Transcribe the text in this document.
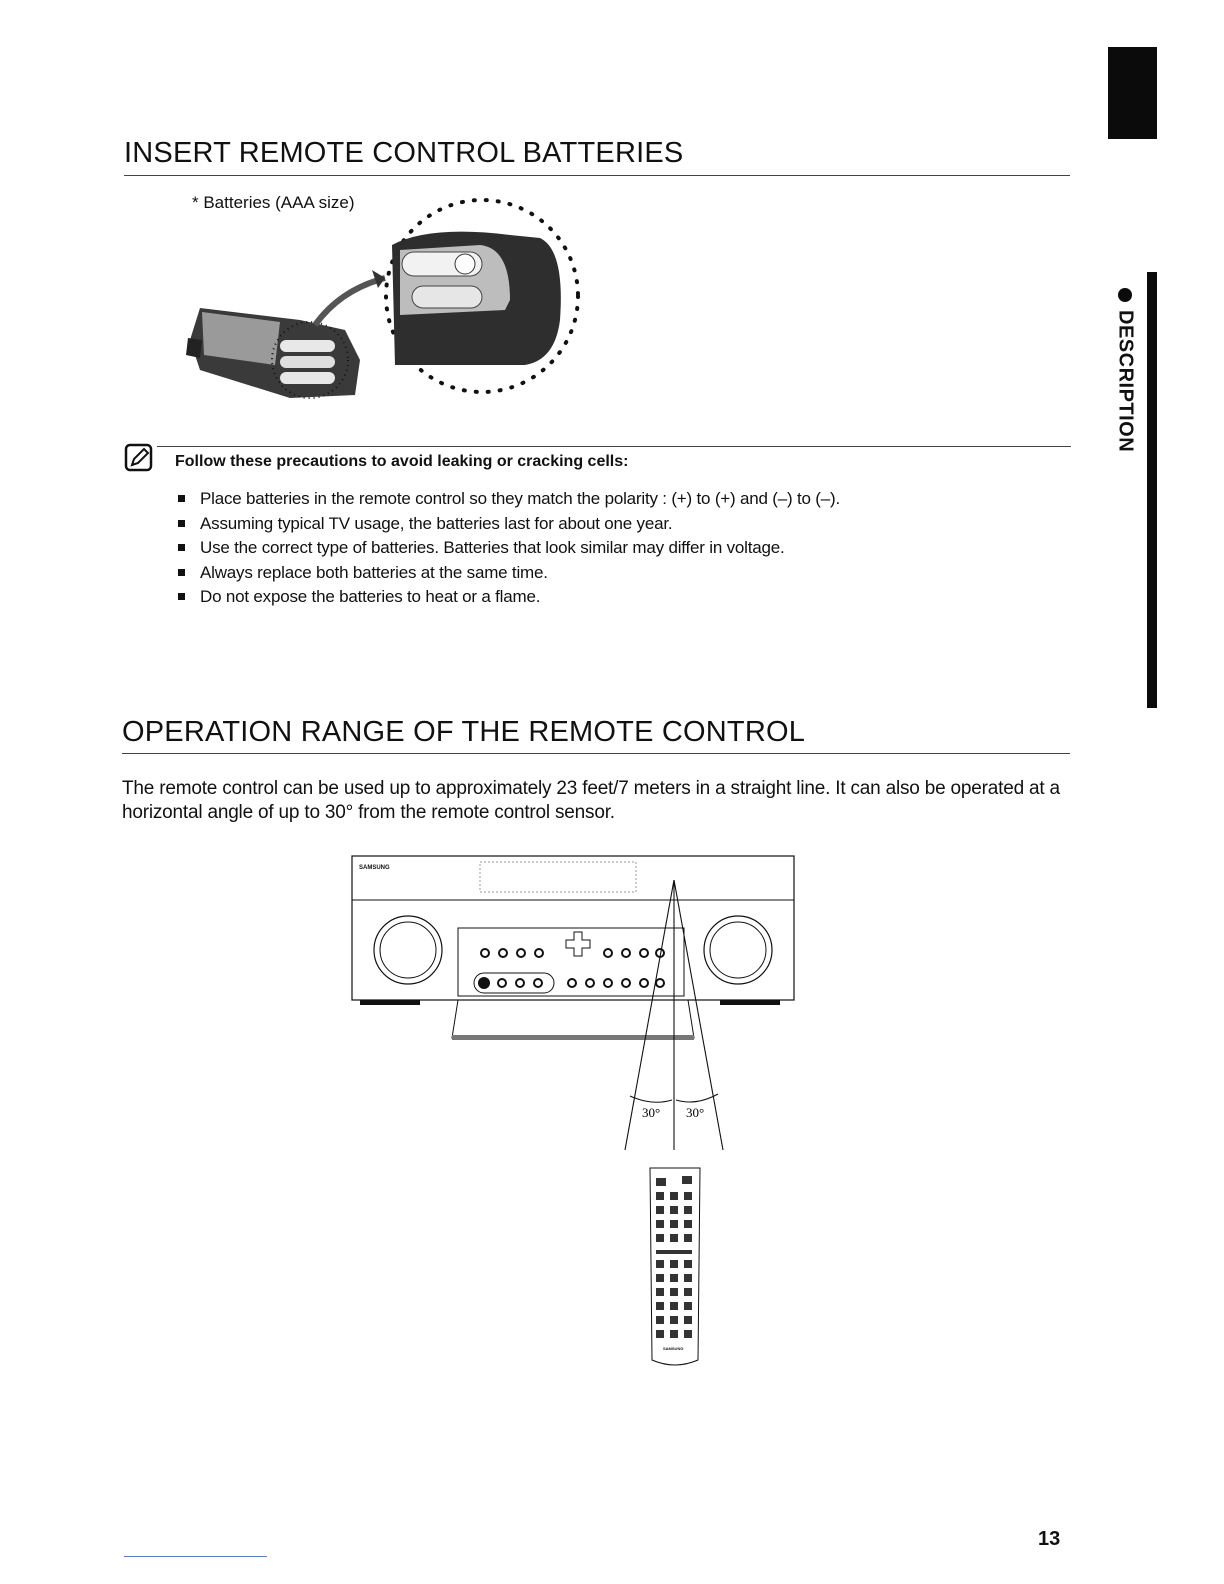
DESCRIPTION
INSERT REMOTE CONTROL BATTERIES
* Batteries (AAA size)
Follow these precautions to avoid leaking or cracking cells:
Place batteries in the remote control so they match the polarity : (+) to (+) and (–) to (–).
Assuming typical TV usage, the batteries last for about one year.
Use the correct type of batteries. Batteries that look similar may differ in voltage.
Always replace both batteries at the same time.
Do not expose the batteries to heat or a flame.
OPERATION RANGE OF THE REMOTE CONTROL
The remote control can be used up to approximately 23 feet/7 meters in a straight line. It can also be operated at a horizontal angle of up to 30° from the remote control sensor.
SAMSUNG
30° 30°
SAMSUNG
13
